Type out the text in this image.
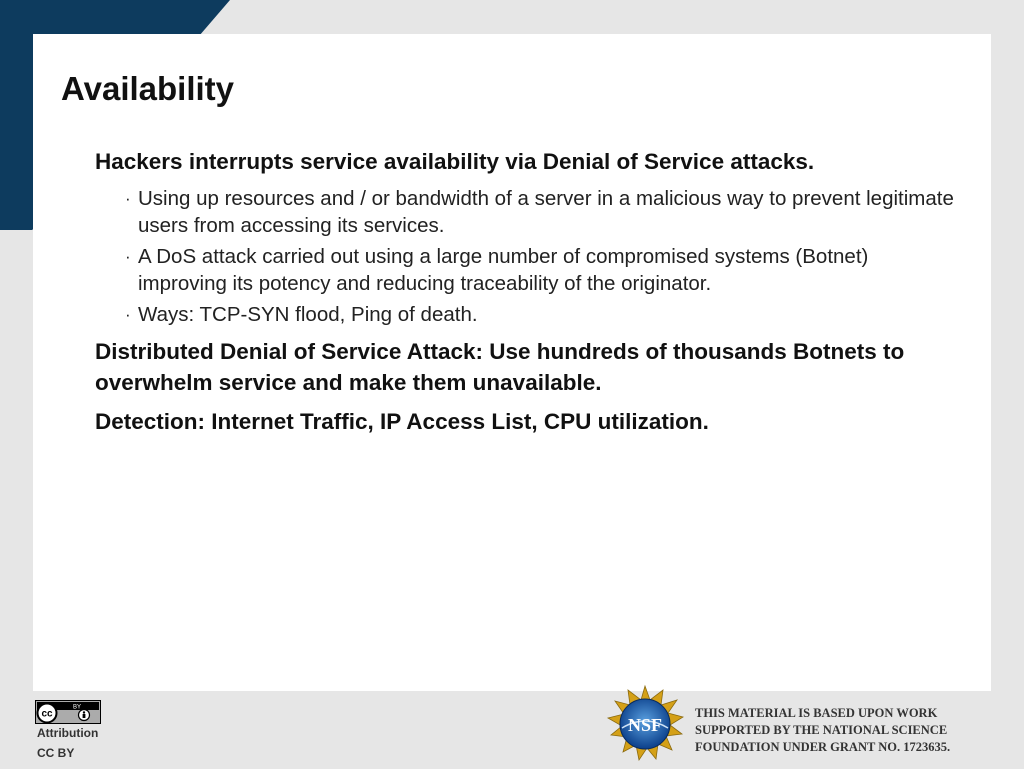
Availability
Hackers interrupts service availability via Denial of Service attacks.
· Using up resources and / or bandwidth of a server in a malicious way to prevent legitimate users from accessing its services.
· A DoS attack carried out using a large number of compromised systems (Botnet) improving its potency and reducing traceability of the originator.
· Ways: TCP-SYN flood, Ping of death.
Distributed Denial of Service Attack: Use hundreds of thousands Botnets to overwhelm service and make them unavailable.
Detection: Internet Traffic, IP Access List, CPU utilization.
cc
BY
Attribution
CC BY
NSF
THIS MATERIAL IS BASED UPON WORK
SUPPORTED BY THE NATIONAL SCIENCE
FOUNDATION UNDER GRANT NO. 1723635.
